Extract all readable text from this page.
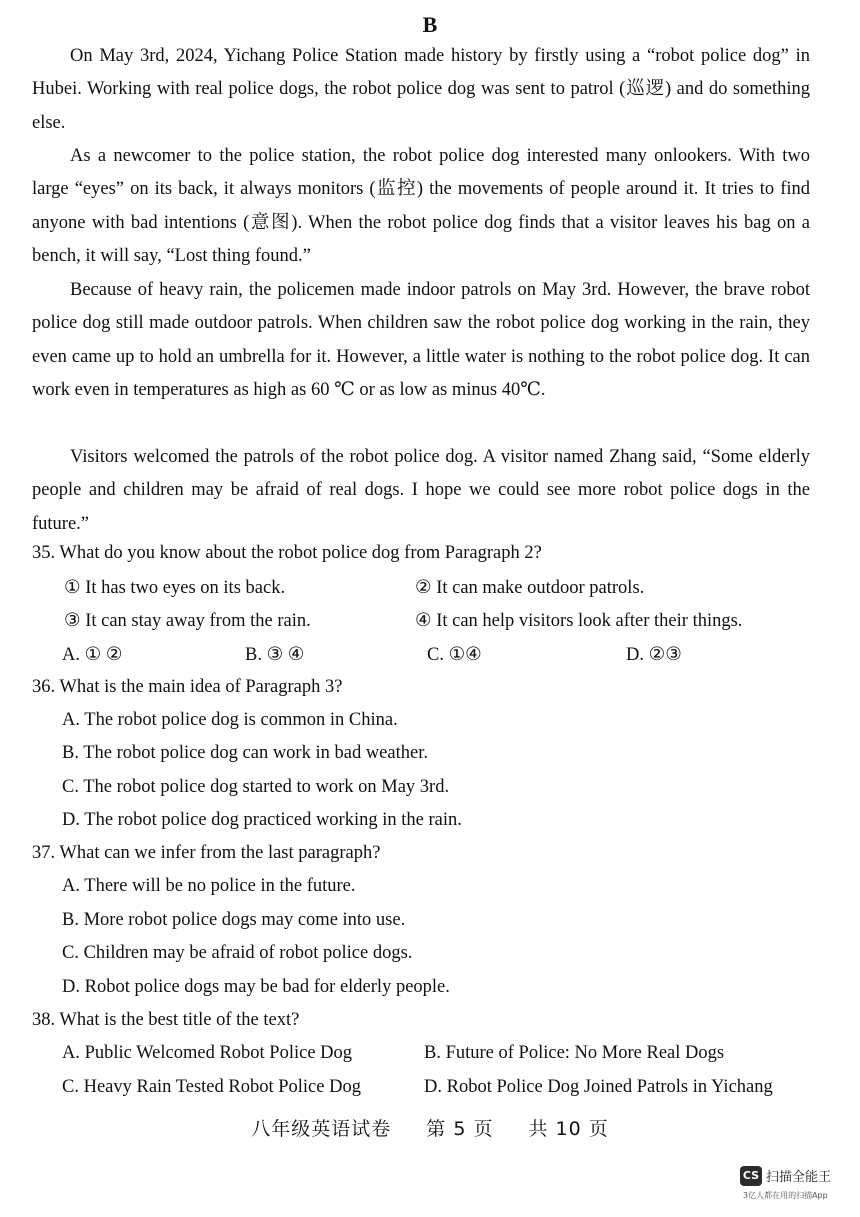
B

On May 3rd, 2024, Yichang Police Station made history by firstly using a “robot police dog” in Hubei. Working with real police dogs, the robot police dog was sent to patrol (巡逻) and do something else.

As a newcomer to the police station, the robot police dog interested many onlookers. With two large “eyes” on its back, it always monitors (监控) the movements of people around it. It tries to find anyone with bad intentions (意图). When the robot police dog finds that a visitor leaves his bag on a bench, it will say, “Lost thing found.”

Because of heavy rain, the policemen made indoor patrols on May 3rd. However, the brave robot police dog still made outdoor patrols. When children saw the robot police dog working in the rain, they even came up to hold an umbrella for it. However, a little water is nothing to the robot police dog. It can work even in temperatures as high as 60 ℃ or as low as minus 40℃.

Visitors welcomed the patrols of the robot police dog. A visitor named Zhang said, “Some elderly people and children may be afraid of real dogs. I hope we could see more robot police dogs in the future.”

35. What do you know about the robot police dog from Paragraph 2?
① It has two eyes on its back.	② It can make outdoor patrols.
③ It can stay away from the rain.	④ It can help visitors look after their things.
A. ① ②	B. ③ ④	C. ①④	D. ②③
36. What is the main idea of Paragraph 3?
A. The robot police dog is common in China.
B. The robot police dog can work in bad weather.
C. The robot police dog started to work on May 3rd.
D. The robot police dog practiced working in the rain.
37. What can we infer from the last paragraph?
A. There will be no police in the future.
B. More robot police dogs may come into use.
C. Children may be afraid of robot police dogs.
D. Robot police dogs may be bad for elderly people.
38. What is the best title of the text?
A. Public Welcomed Robot Police Dog	B. Future of Police: No More Real Dogs
C. Heavy Rain Tested Robot Police Dog	D. Robot Police Dog Joined Patrols in Yichang
八年级英语试卷 第 5 页 共 10 页
CS 扫描全能王
3亿人都在用的扫描App
